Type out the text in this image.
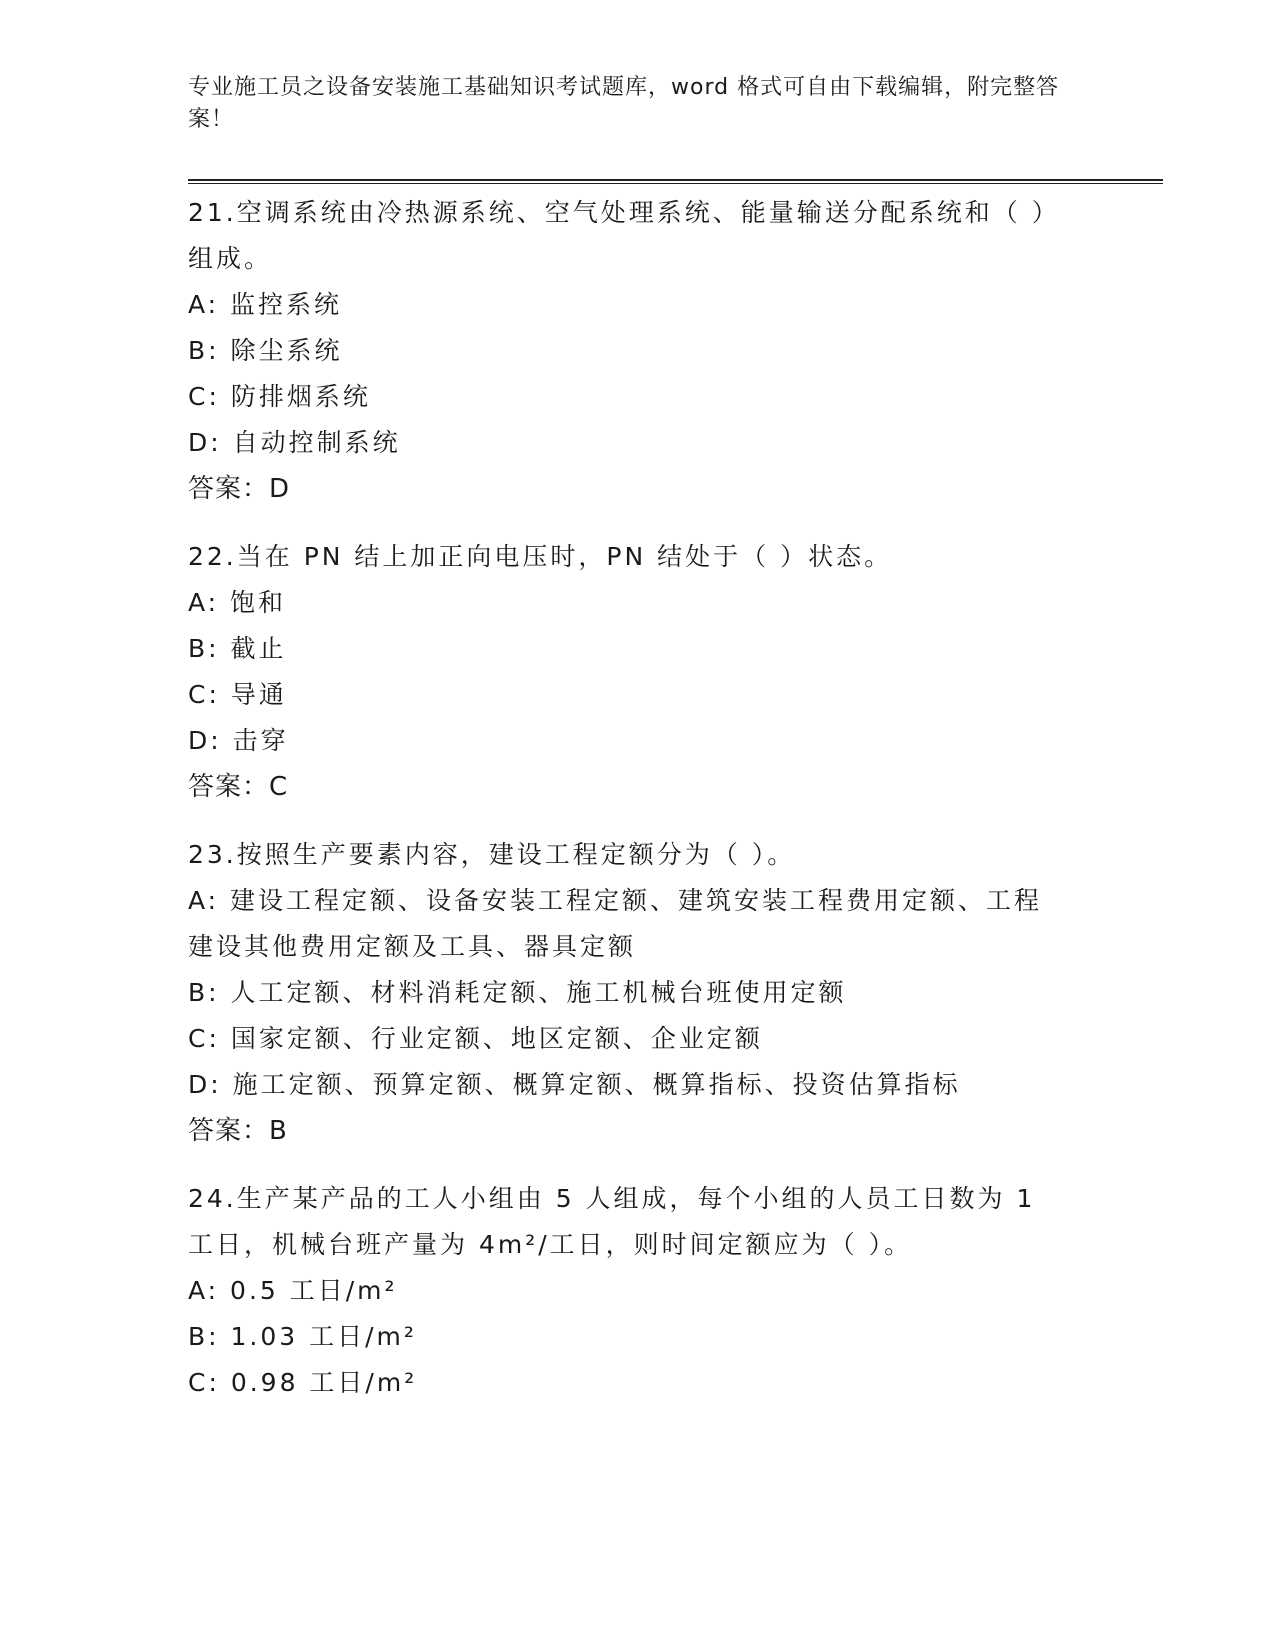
专业施工员之设备安装施工基础知识考试题库，word 格式可自由下载编辑，附完整答案！

21.空调系统由冷热源系统、空气处理系统、能量输送分配系统和（ ）组成。

A: 监控系统

B: 除尘系统

C: 防排烟系统

D: 自动控制系统

答案：D

22.当在 PN 结上加正向电压时，PN 结处于（ ）状态。

A: 饱和

B: 截止

C: 导通

D: 击穿

答案：C

23.按照生产要素内容，建设工程定额分为（ ）。

A: 建设工程定额、设备安装工程定额、建筑安装工程费用定额、工程建设其他费用定额及工具、器具定额

B: 人工定额、材料消耗定额、施工机械台班使用定额

C: 国家定额、行业定额、地区定额、企业定额

D: 施工定额、预算定额、概算定额、概算指标、投资估算指标

答案：B

24.生产某产品的工人小组由 5 人组成，每个小组的人员工日数为 1 工日，机械台班产量为 4m²/工日，则时间定额应为（ ）。

A: 0.5 工日/m²

B: 1.03 工日/m²

C: 0.98 工日/m²
